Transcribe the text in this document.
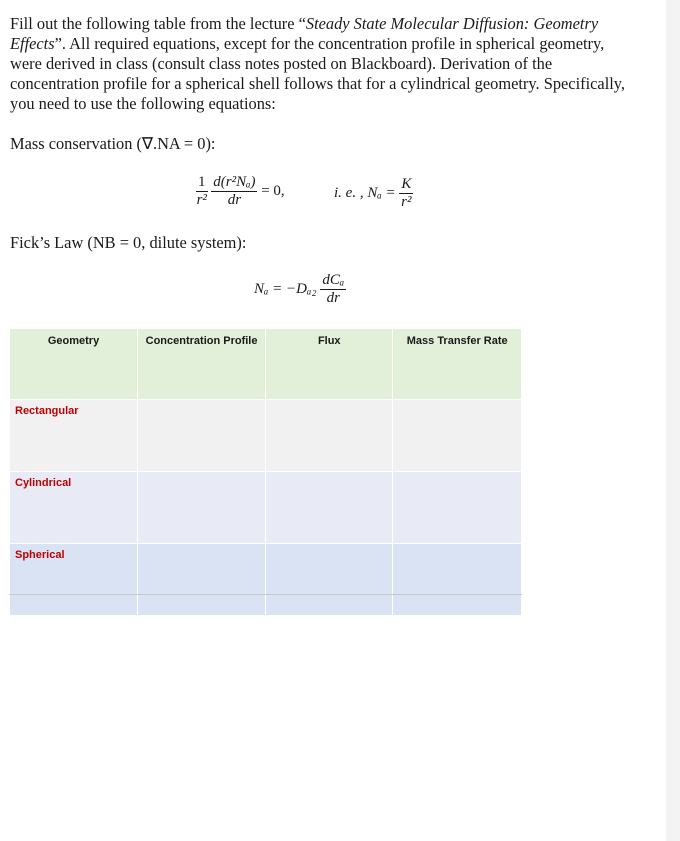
Fill out the following table from the lecture “Steady State Molecular Diffusion: Geometry Effects”. All required equations, except for the concentration profile in spherical geometry, were derived in class (consult class notes posted on Blackboard). Derivation of the concentration profile for a spherical shell follows that for a cylindrical geometry. Specifically, you need to use the following equations:

Mass conservation (∇.NA = 0):
$\frac{1}{\text{r²}}$
$\frac{\text{d(r²Nₐ)}}{dr} = 0$,	i. e. , $N_a = \frac{K}{\text{r²}}$
Fick’s Law (NB = 0, dilute system):
$N_a = -D_{a2} \frac{\text{dCₐ}}{dr}$
Geometry	Concentration Profile	Flux	Mass Transfer Rate
Rectangular			
Cylindrical			
Spherical			
